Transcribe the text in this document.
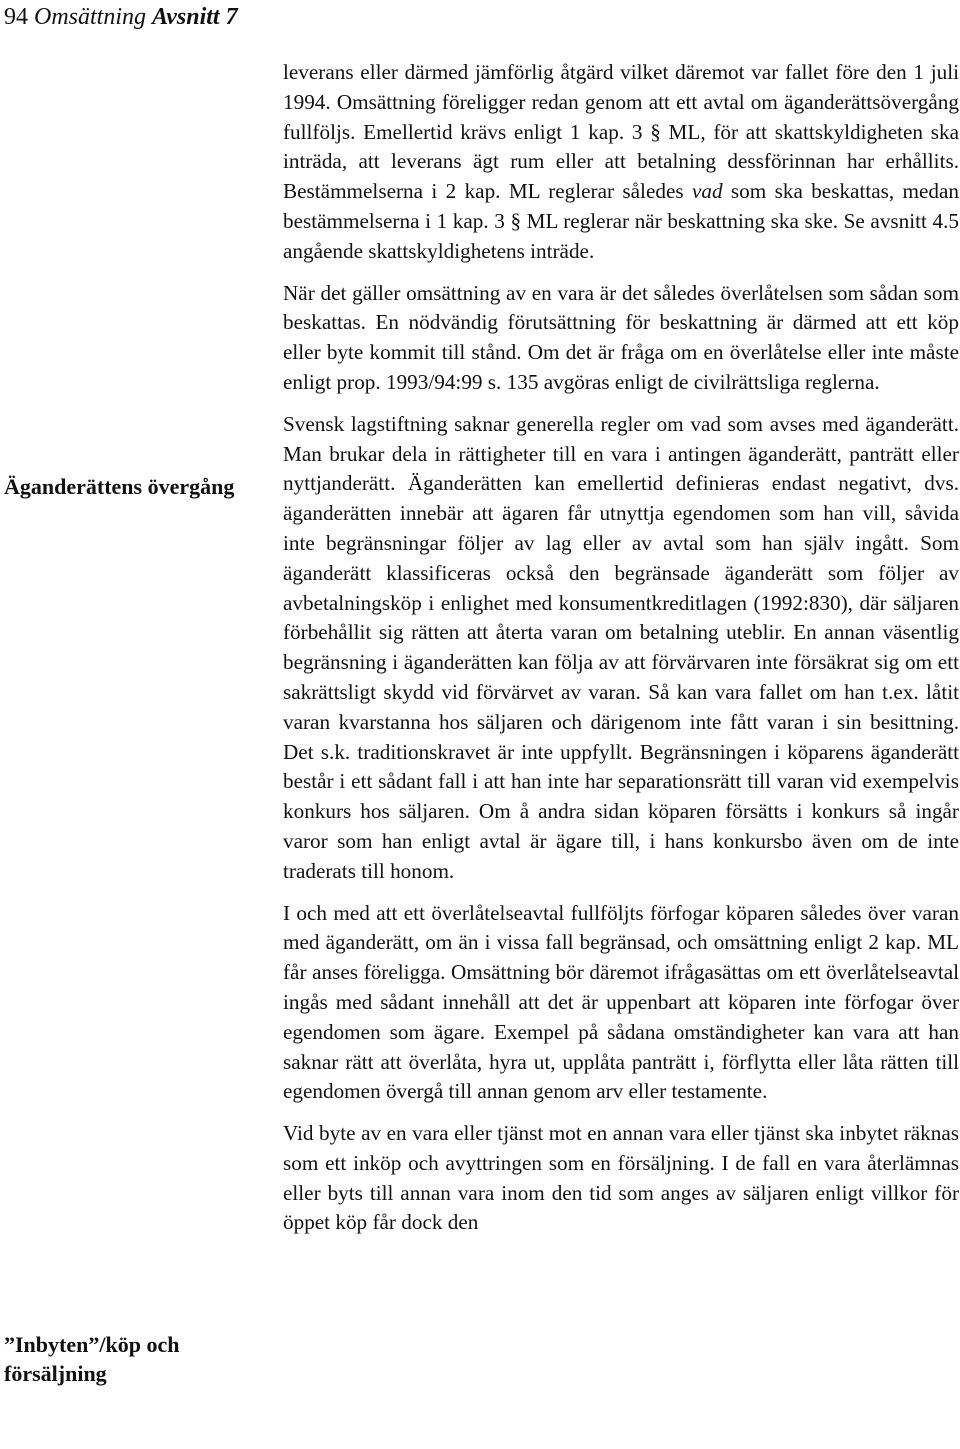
94 Omsättning Avsnitt 7
Äganderättens övergång
”Inbyten”/köp och försäljning

leverans eller därmed jämförlig åtgärd vilket däremot var fallet före den 1 juli 1994. Omsättning föreligger redan genom att ett avtal om äganderättsövergång fullföljs. Emellertid krävs enligt 1 kap. 3 § ML, för att skattskyldigheten ska inträda, att leverans ägt rum eller att betalning dessförinnan har erhållits. Bestämmelserna i 2 kap. ML reglerar således vad som ska beskattas, medan bestämmelserna i 1 kap. 3 § ML reglerar när beskattning ska ske. Se avsnitt 4.5 angående skattskyldighetens inträde.

När det gäller omsättning av en vara är det således överlåtelsen som sådan som beskattas. En nödvändig förutsättning för beskattning är därmed att ett köp eller byte kommit till stånd. Om det är fråga om en överlåtelse eller inte måste enligt prop. 1993/94:99 s. 135 avgöras enligt de civilrättsliga reglerna.

Svensk lagstiftning saknar generella regler om vad som avses med äganderätt. Man brukar dela in rättigheter till en vara i antingen äganderätt, panträtt eller nyttjanderätt. Äganderätten kan emellertid definieras endast negativt, dvs. äganderätten innebär att ägaren får utnyttja egendomen som han vill, såvida inte begränsningar följer av lag eller av avtal som han själv ingått. Som äganderätt klassificeras också den begränsade äganderätt som följer av avbetalningsköp i enlighet med konsumentkreditlagen (1992:830), där säljaren förbehållit sig rätten att återta varan om betalning uteblir. En annan väsentlig begränsning i äganderätten kan följa av att förvärvaren inte försäkrat sig om ett sakrättsligt skydd vid förvärvet av varan. Så kan vara fallet om han t.ex. låtit varan kvarstanna hos säljaren och därigenom inte fått varan i sin besittning. Det s.k. traditionskravet är inte uppfyllt. Begränsningen i köparens äganderätt består i ett sådant fall i att han inte har separationsrätt till varan vid exempelvis konkurs hos säljaren. Om å andra sidan köparen försätts i konkurs så ingår varor som han enligt avtal är ägare till, i hans konkursbo även om de inte traderats till honom.

I och med att ett överlåtelseavtal fullföljts förfogar köparen således över varan med äganderätt, om än i vissa fall begränsad, och omsättning enligt 2 kap. ML får anses föreligga. Omsättning bör däremot ifrågasättas om ett överlåtelseavtal ingås med sådant innehåll att det är uppenbart att köparen inte förfogar över egendomen som ägare. Exempel på sådana omständigheter kan vara att han saknar rätt att överlåta, hyra ut, upplåta panträtt i, förflytta eller låta rätten till egendomen övergå till annan genom arv eller testamente.

Vid byte av en vara eller tjänst mot en annan vara eller tjänst ska inbytet räknas som ett inköp och avyttringen som en försäljning. I de fall en vara återlämnas eller byts till annan vara inom den tid som anges av säljaren enligt villkor för öppet köp får dock den
